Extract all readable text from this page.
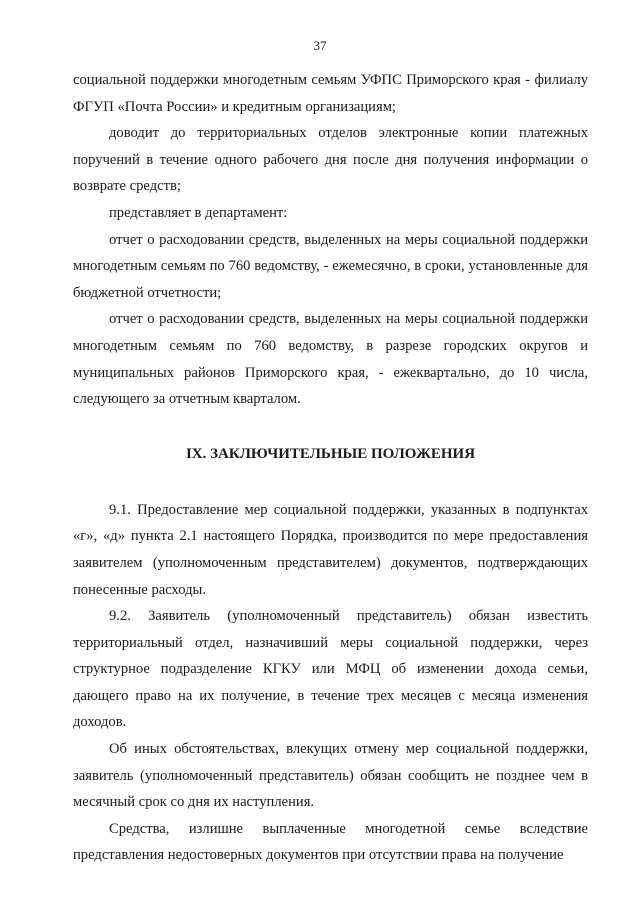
37

социальной поддержки многодетным семьям УФПС Приморского края - филиалу ФГУП «Почта России» и кредитным организациям;

доводит до территориальных отделов электронные копии платежных поручений в течение одного рабочего дня после дня получения информации о возврате средств;

представляет в департамент:

отчет о расходовании средств, выделенных на меры социальной поддержки многодетным семьям по 760 ведомству, - ежемесячно, в сроки, установленные для бюджетной отчетности;

отчет о расходовании средств, выделенных на меры социальной поддержки многодетным семьям по 760 ведомству, в разрезе городских округов и муниципальных районов Приморского края, - ежеквартально, до 10 числа, следующего за отчетным кварталом.

IX. ЗАКЛЮЧИТЕЛЬНЫЕ ПОЛОЖЕНИЯ

9.1. Предоставление мер социальной поддержки, указанных в подпунктах «г», «д» пункта 2.1 настоящего Порядка, производится по мере предоставления заявителем (уполномоченным представителем) документов, подтверждающих понесенные расходы.

9.2. Заявитель (уполномоченный представитель) обязан известить территориальный отдел, назначивший меры социальной поддержки, через структурное подразделение КГКУ или МФЦ об изменении дохода семьи, дающего право на их получение, в течение трех месяцев с месяца изменения доходов.

Об иных обстоятельствах, влекущих отмену мер социальной поддержки, заявитель (уполномоченный представитель) обязан сообщить не позднее чем в месячный срок со дня их наступления.

Средства, излишне выплаченные многодетной семье вследствие представления недостоверных документов при отсутствии права на получение
